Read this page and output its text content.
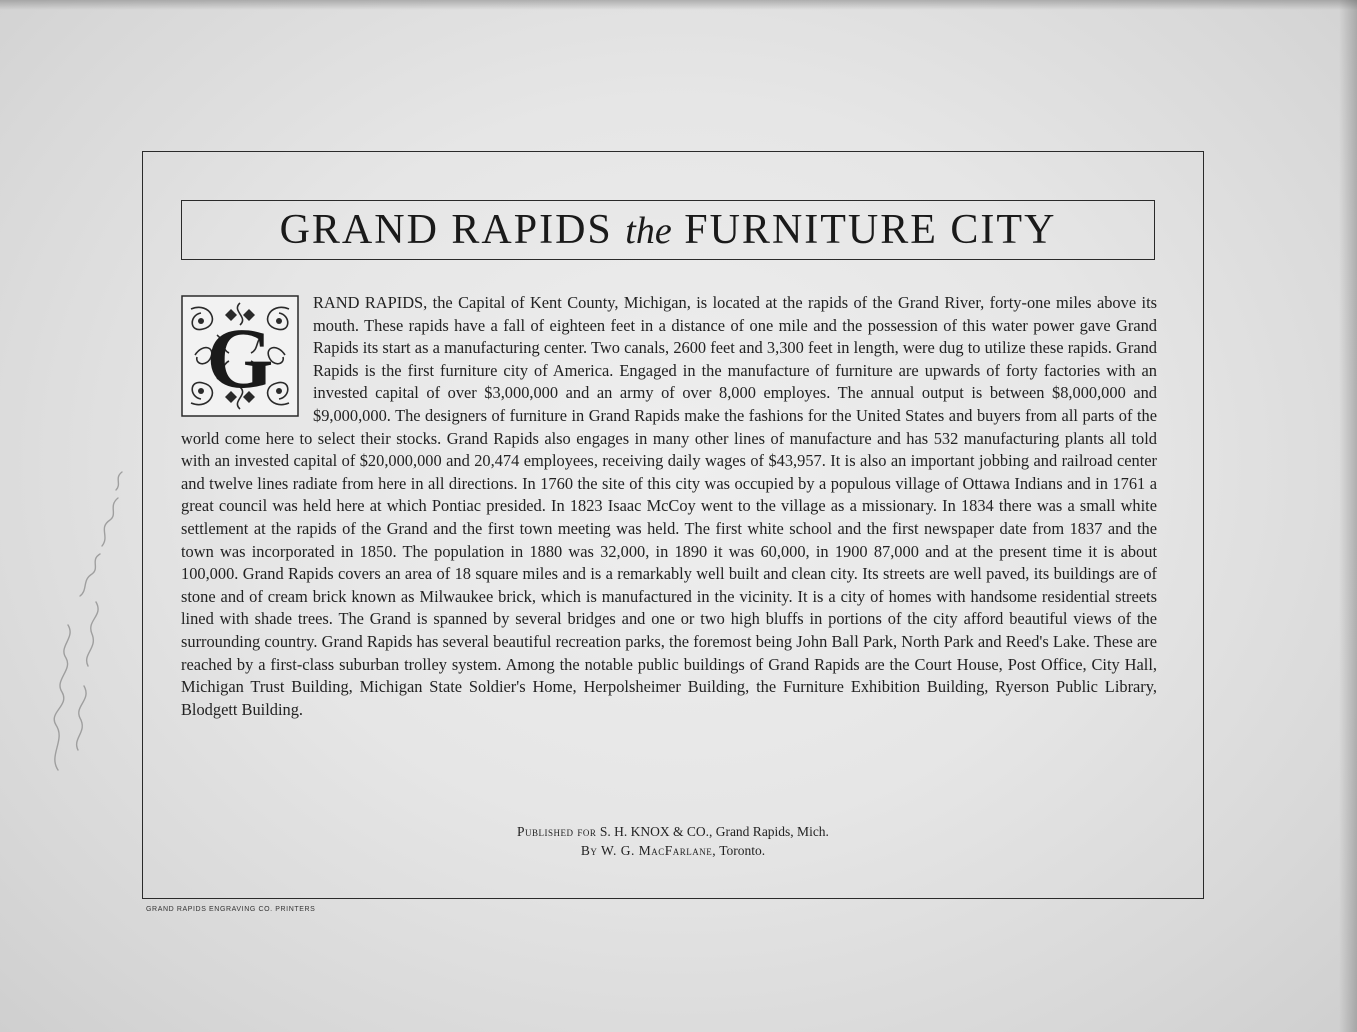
GRAND RAPIDS the FURNITURE CITY
G
RAND RAPIDS, the Capital of Kent County, Michigan, is located at the rapids of the Grand River, forty-one miles above its mouth. These rapids have a fall of eighteen feet in a distance of one mile and the possession of this water power gave Grand Rapids its start as a manufacturing center. Two canals, 2600 feet and 3,300 feet in length, were dug to utilize these rapids. Grand Rapids is the first furniture city of America. Engaged in the manufacture of furniture are upwards of forty factories with an invested capital of over $3,000,000 and an army of over 8,000 employes. The annual output is between $8,000,000 and $9,000,000. The designers of furniture in Grand Rapids make the fashions for the United States and buyers from all parts of the world come here to select their stocks. Grand Rapids also engages in many other lines of manufacture and has 532 manufacturing plants all told with an invested capital of $20,000,000 and 20,474 employees, receiving daily wages of $43,957. It is also an important jobbing and railroad center and twelve lines radiate from here in all directions. In 1760 the site of this city was occupied by a populous village of Ottawa Indians and in 1761 a great council was held here at which Pontiac presided. In 1823 Isaac McCoy went to the village as a missionary. In 1834 there was a small white settlement at the rapids of the Grand and the first town meeting was held. The first white school and the first newspaper date from 1837 and the town was incorporated in 1850. The population in 1880 was 32,000, in 1890 it was 60,000, in 1900 87,000 and at the present time it is about 100,000. Grand Rapids covers an area of 18 square miles and is a remarkably well built and clean city. Its streets are well paved, its buildings are of stone and of cream brick known as Milwaukee brick, which is manufactured in the vicinity. It is a city of homes with handsome residential streets lined with shade trees. The Grand is spanned by several bridges and one or two high bluffs in portions of the city afford beautiful views of the surrounding country. Grand Rapids has several beautiful recreation parks, the foremost being John Ball Park, North Park and Reed's Lake. These are reached by a first-class suburban trolley system. Among the notable public buildings of Grand Rapids are the Court House, Post Office, City Hall, Michigan Trust Building, Michigan State Soldier's Home, Herpolsheimer Building, the Furniture Exhibition Building, Ryerson Public Library, Blodgett Building.
Published for S. H. KNOX & CO., Grand Rapids, Mich.
By W. G. MacFarlane, Toronto.
GRAND RAPIDS ENGRAVING CO. PRINTERS
